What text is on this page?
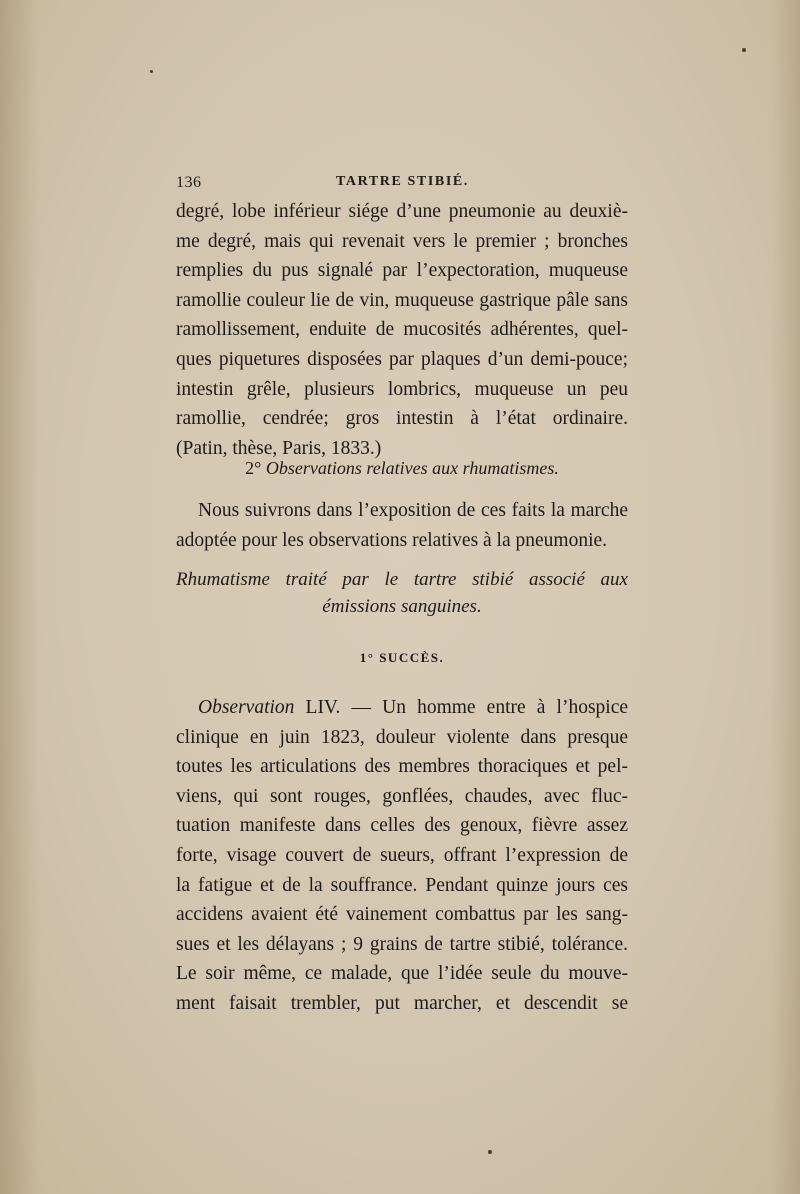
136	TARTRE STIBIÉ.
degré, lobe inférieur siége d’une pneumonie au deuxiè-
me degré, mais qui revenait vers le premier ; bronches
remplies du pus signalé par l’expectoration, muqueuse
ramollie couleur lie de vin, muqueuse gastrique pâle sans
ramollissement, enduite de mucosités adhérentes, quel-
ques piquetures disposées par plaques d’un demi-pouce;
intestin grêle, plusieurs lombrics, muqueuse un peu
ramollie, cendrée; gros intestin à l’état ordinaire.
(Patin, thèse, Paris, 1833.)
2° Observations relatives aux rhumatismes.
Nous suivrons dans l’exposition de ces faits la marche
adoptée pour les observations relatives à la pneumonie.
Rhumatisme traité par le tartre stibié associé aux
émissions sanguines.
1° SUCCÈS.
Observation LIV. — Un homme entre à l’hospice
clinique en juin 1823, douleur violente dans presque
toutes les articulations des membres thoraciques et pel-
viens, qui sont rouges, gonflées, chaudes, avec fluc-
tuation manifeste dans celles des genoux, fièvre assez
forte, visage couvert de sueurs, offrant l’expression de
la fatigue et de la souffrance. Pendant quinze jours ces
accidens avaient été vainement combattus par les sang-
sues et les délayans ; 9 grains de tartre stibié, tolérance.
Le soir même, ce malade, que l’idée seule du mouve-
ment faisait trembler, put marcher, et descendit se
